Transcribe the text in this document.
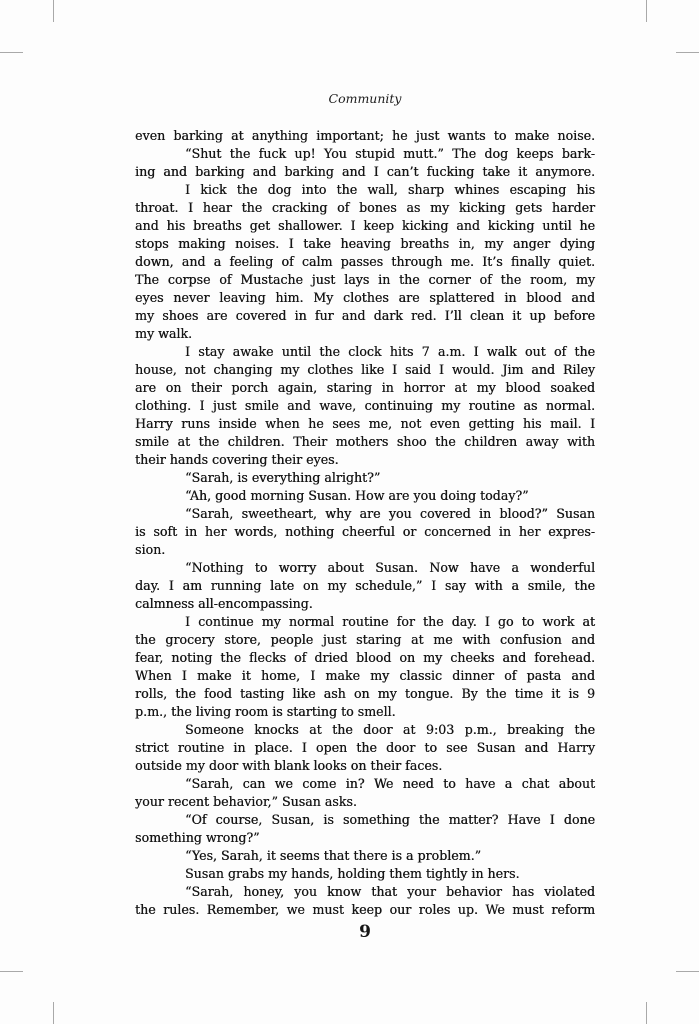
Community
even barking at anything important; he just wants to make noise.
“Shut the fuck up! You stupid mutt.” The dog keeps bark-
ing and barking and barking and I can’t fucking take it anymore.
I kick the dog into the wall, sharp whines escaping his
throat. I hear the cracking of bones as my kicking gets harder
and his breaths get shallower. I keep kicking and kicking until he
stops making noises. I take heaving breaths in, my anger dying
down, and a feeling of calm passes through me. It’s finally quiet.
The corpse of Mustache just lays in the corner of the room, my
eyes never leaving him. My clothes are splattered in blood and
my shoes are covered in fur and dark red. I’ll clean it up before
my walk.
I stay awake until the clock hits 7 a.m. I walk out of the
house, not changing my clothes like I said I would. Jim and Riley
are on their porch again, staring in horror at my blood soaked
clothing. I just smile and wave, continuing my routine as normal.
Harry runs inside when he sees me, not even getting his mail. I
smile at the children. Their mothers shoo the children away with
their hands covering their eyes.
“Sarah, is everything alright?”
“Ah, good morning Susan. How are you doing today?”
“Sarah, sweetheart, why are you covered in blood?” Susan
is soft in her words, nothing cheerful or concerned in her expres-
sion.
“Nothing to worry about Susan. Now have a wonderful
day. I am running late on my schedule,” I say with a smile, the
calmness all-encompassing.
I continue my normal routine for the day. I go to work at
the grocery store, people just staring at me with confusion and
fear, noting the flecks of dried blood on my cheeks and forehead.
When I make it home, I make my classic dinner of pasta and
rolls, the food tasting like ash on my tongue. By the time it is 9
p.m., the living room is starting to smell.
Someone knocks at the door at 9:03 p.m., breaking the
strict routine in place. I open the door to see Susan and Harry
outside my door with blank looks on their faces.
“Sarah, can we come in? We need to have a chat about
your recent behavior,” Susan asks.
“Of course, Susan, is something the matter? Have I done
something wrong?”
“Yes, Sarah, it seems that there is a problem.”
Susan grabs my hands, holding them tightly in hers.
“Sarah, honey, you know that your behavior has violated
the rules. Remember, we must keep our roles up. We must reform
9
